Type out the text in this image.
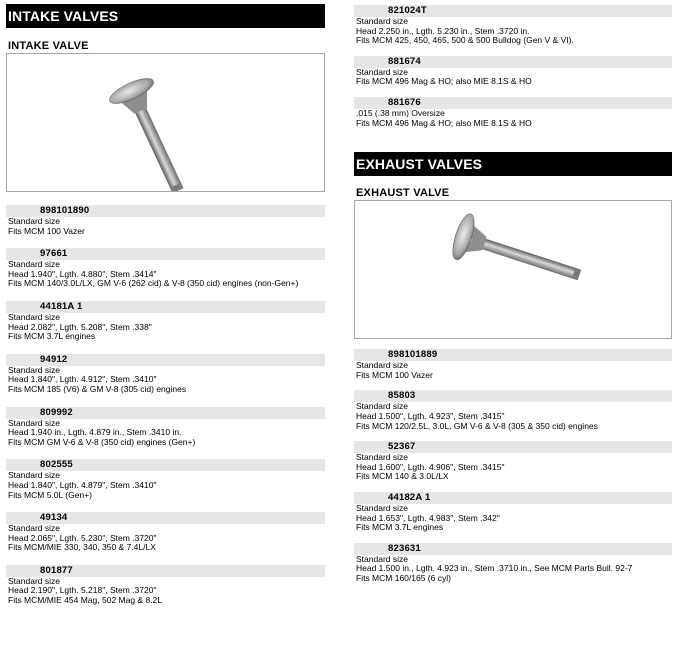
INTAKE VALVES
INTAKE VALVE
898101890
Standard size
Fits MCM 100 Vazer
97661
Standard size
Head 1.940", Lgth. 4.880", Stem .3414"
Fits MCM 140/3.0L/LX, GM V-6 (262 cid) & V-8 (350 cid) engines (non-Gen+)
44181A 1
Standard size
Head 2.082", Lgth. 5.208", Stem .338"
Fits MCM 3.7L engines
94912
Standard size
Head 1.840", Lgth. 4.912", Stem .3410"
Fits MCM 185 (V6) & GM V-8 (305 cid) engines
809992
Standard size
Head 1.940 in., Lgth. 4.879 in., Stem .3410 in.
Fits MCM GM V-6 & V-8 (350 cid) engines (Gen+)
802555
Standard size
Head 1.840", Lgth. 4.879", Stem .3410"
Fits MCM 5.0L (Gen+)
49134
Standard size
Head 2.065", Lgth. 5.230", Stem .3720"
Fits MCM/MIE 330, 340, 350 & 7.4L/LX
801877
Standard size
Head 2.190", Lgth. 5.218", Stem .3720"
Fits MCM/MIE 454 Mag, 502 Mag & 8.2L
821024T
Standard size
Head 2.250 in., Lgth. 5.230 in., Stem .3720 in.
Fits MCM 425, 450, 465, 500 & 500 Bulldog (Gen V & VI).
881674
Standard size
Fits MCM 496 Mag & HO; also MIE 8.1S & HO
881676
.015 (.38 mm) Oversize
Fits MCM 496 Mag & HO; also MIE 8.1S & HO
EXHAUST VALVES
EXHAUST VALVE
898101889
Standard size
Fits MCM 100 Vazer
85803
Standard size
Head 1.500", Lgth. 4.923", Stem .3415"
Fits MCM 120/2.5L, 3.0L, GM V-6 & V-8 (305 & 350 cid) engines
52367
Standard size
Head 1.600", Lgth. 4.906", Stem .3415"
Fits MCM 140 & 3.0L/LX
44182A 1
Standard size
Head 1.653", Lgth. 4.983", Stem .342"
Fits MCM 3.7L engines
823631
Standard size
Head 1.500 in., Lgth. 4.923 in., Stem .3710 in., See MCM Parts Bull. 92-7
Fits MCM 160/165 (6 cyl)
